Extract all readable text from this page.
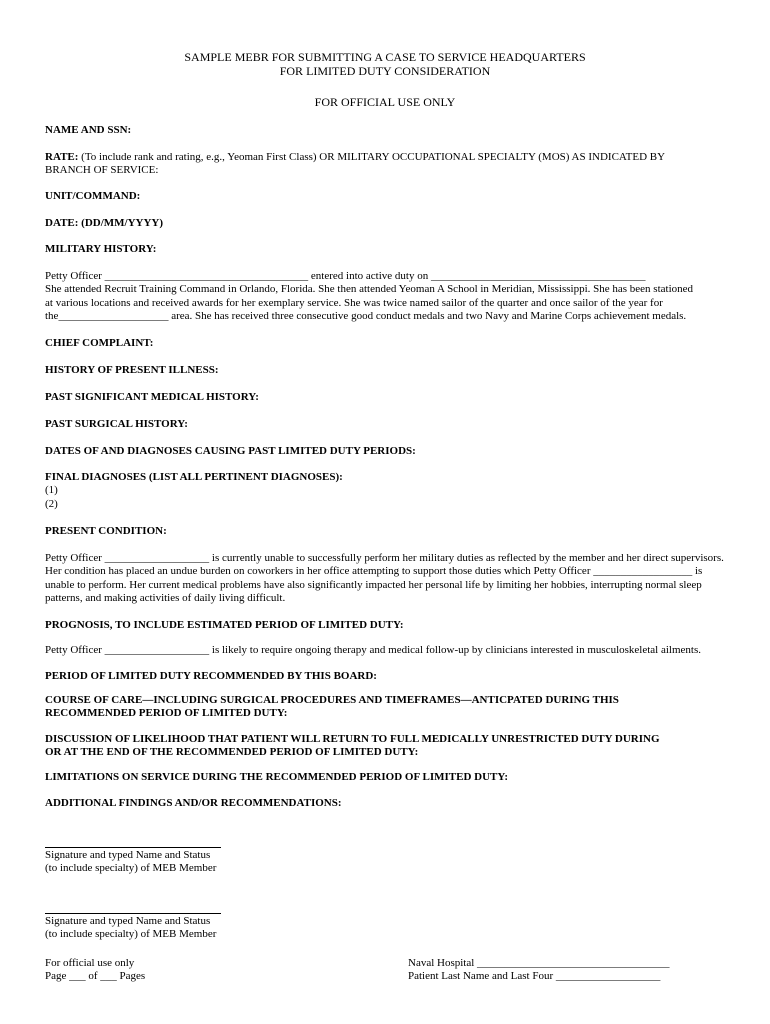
SAMPLE MEBR FOR SUBMITTING A CASE TO SERVICE HEADQUARTERS
FOR LIMITED DUTY CONSIDERATION
FOR OFFICIAL USE ONLY
NAME AND SSN:
RATE: (To include rank and rating, e.g., Yeoman First Class) OR MILITARY OCCUPATIONAL SPECIALTY (MOS) AS INDICATED BY
BRANCH OF SERVICE:
UNIT/COMMAND:
DATE: (DD/MM/YYYY)
MILITARY HISTORY:
Petty Officer _____________________________________ entered into active duty on _______________________________________
She attended Recruit Training Command in Orlando, Florida. She then attended Yeoman A School in Meridian, Mississippi. She has been stationed
at various locations and received awards for her exemplary service. She was twice named sailor of the quarter and once sailor of the year for
the____________________ area. She has received three consecutive good conduct medals and two Navy and Marine Corps achievement medals.
CHIEF COMPLAINT:
HISTORY OF PRESENT ILLNESS:
PAST SIGNIFICANT MEDICAL HISTORY:
PAST SURGICAL HISTORY:
DATES OF AND DIAGNOSES CAUSING PAST LIMITED DUTY PERIODS:
FINAL DIAGNOSES (LIST ALL PERTINENT DIAGNOSES):
(1)
(2)
PRESENT CONDITION:
Petty Officer ___________________ is currently unable to successfully perform her military duties as reflected by the member and her direct supervisors.
Her condition has placed an undue burden on coworkers in her office attempting to support those duties which Petty Officer __________________ is
unable to perform. Her current medical problems have also significantly impacted her personal life by limiting her hobbies, interrupting normal sleep
patterns, and making activities of daily living difficult.
PROGNOSIS, TO INCLUDE ESTIMATED PERIOD OF LIMITED DUTY:
Petty Officer ___________________ is likely to require ongoing therapy and medical follow-up by clinicians interested in musculoskeletal ailments.
PERIOD OF LIMITED DUTY RECOMMENDED BY THIS BOARD:
COURSE OF CARE—INCLUDING SURGICAL PROCEDURES AND TIMEFRAMES—ANTICPATED DURING THIS
RECOMMENDED PERIOD OF LIMITED DUTY:
DISCUSSION OF LIKELIHOOD THAT PATIENT WILL RETURN TO FULL MEDICALLY UNRESTRICTED DUTY DURING
OR AT THE END OF THE RECOMMENDED PERIOD OF LIMITED DUTY:
LIMITATIONS ON SERVICE DURING THE RECOMMENDED PERIOD OF LIMITED DUTY:
ADDITIONAL FINDINGS AND/OR RECOMMENDATIONS:
Signature and typed Name and Status
(to include specialty) of MEB Member
Signature and typed Name and Status
(to include specialty) of MEB Member
For official use only
Page ___ of ___ Pages
Naval Hospital ___________________________________
Patient Last Name and Last Four ___________________
